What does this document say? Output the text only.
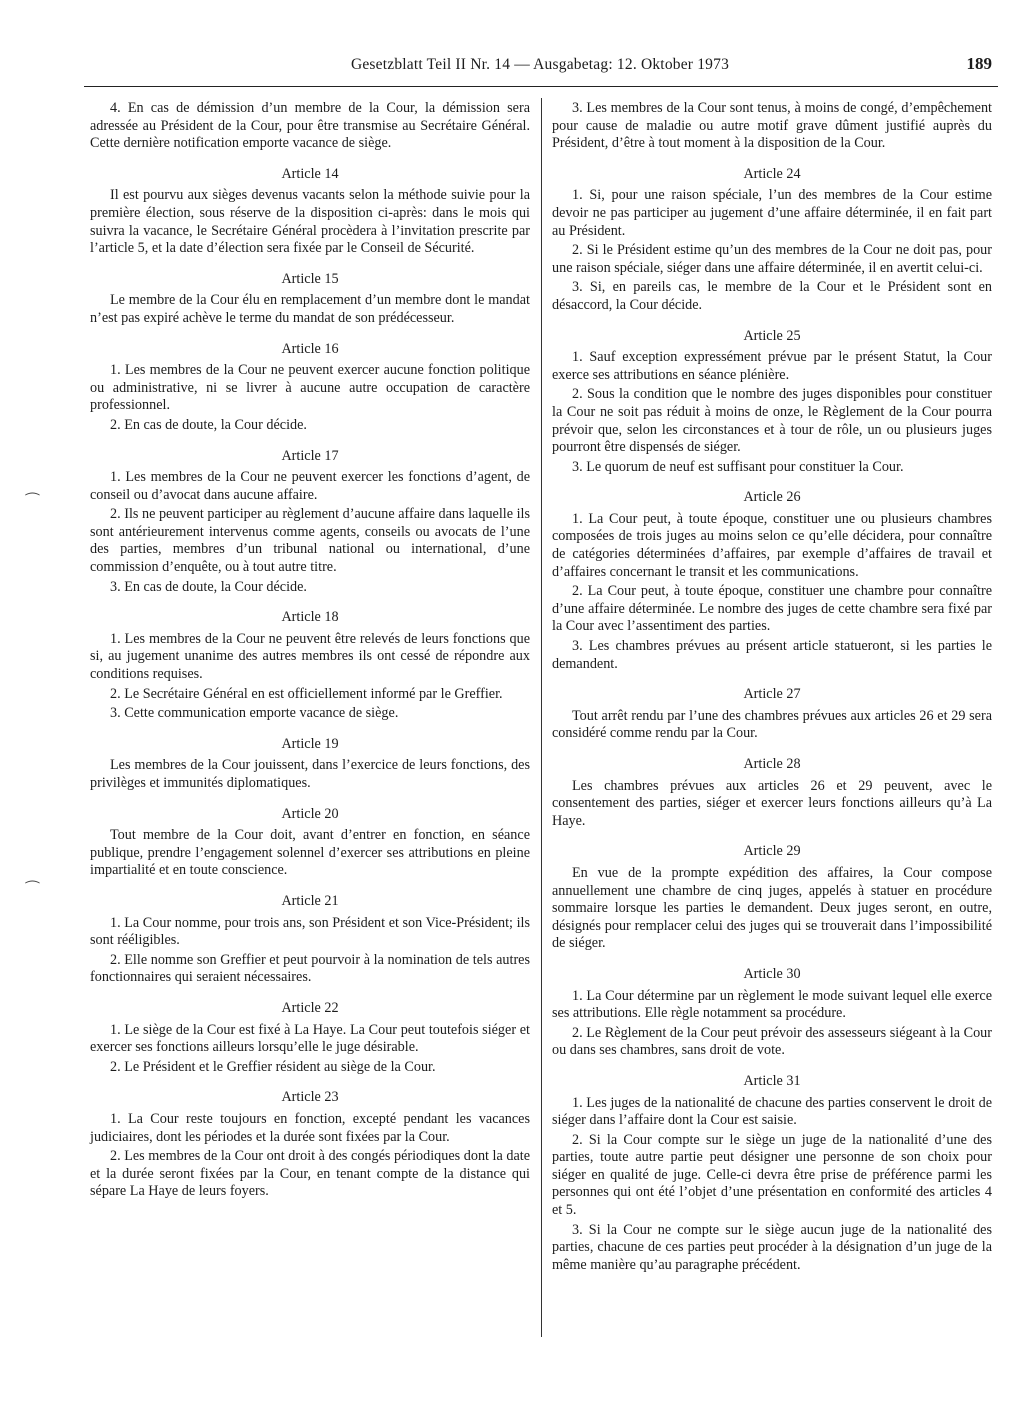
Gesetzblatt Teil II Nr. 14 — Ausgabetag: 12. Oktober 1973	189

4. En cas de démission d’un membre de la Cour, la démission sera adressée au Président de la Cour, pour être transmise au Secrétaire Général. Cette dernière notification emporte vacance de siège.

Article 14

Il est pourvu aux sièges devenus vacants selon la méthode suivie pour la première élection, sous réserve de la disposition ci-après: dans le mois qui suivra la vacance, le Secrétaire Général procèdera à l’invitation prescrite par l’article 5, et la date d’élection sera fixée par le Conseil de Sécurité.

Article 15

Le membre de la Cour élu en remplacement d’un membre dont le mandat n’est pas expiré achève le terme du mandat de son prédécesseur.

Article 16

1. Les membres de la Cour ne peuvent exercer aucune fonction politique ou administrative, ni se livrer à aucune autre occupation de caractère professionnel.

2. En cas de doute, la Cour décide.

Article 17

1. Les membres de la Cour ne peuvent exercer les fonctions d’agent, de conseil ou d’avocat dans aucune affaire.

2. Ils ne peuvent participer au règlement d’aucune affaire dans laquelle ils sont antérieurement intervenus comme agents, conseils ou avocats de l’une des parties, membres d’un tribunal national ou international, d’une commission d’enquête, ou à tout autre titre.

3. En cas de doute, la Cour décide.

Article 18

1. Les membres de la Cour ne peuvent être relevés de leurs fonctions que si, au jugement unanime des autres membres ils ont cessé de répondre aux conditions requises.

2. Le Secrétaire Général en est officiellement informé par le Greffier.

3. Cette communication emporte vacance de siège.

Article 19

Les membres de la Cour jouissent, dans l’exercice de leurs fonctions, des privilèges et immunités diplomatiques.

Article 20

Tout membre de la Cour doit, avant d’entrer en fonction, en séance publique, prendre l’engagement solennel d’exercer ses attributions en pleine impartialité et en toute conscience.

Article 21

1. La Cour nomme, pour trois ans, son Président et son Vice-Président; ils sont rééligibles.

2. Elle nomme son Greffier et peut pourvoir à la nomination de tels autres fonctionnaires qui seraient nécessaires.

Article 22

1. Le siège de la Cour est fixé à La Haye. La Cour peut toutefois siéger et exercer ses fonctions ailleurs lorsqu’elle le juge désirable.

2. Le Président et le Greffier résident au siège de la Cour.

Article 23

1. La Cour reste toujours en fonction, excepté pendant les vacances judiciaires, dont les périodes et la durée sont fixées par la Cour.

2. Les membres de la Cour ont droit à des congés périodiques dont la date et la durée seront fixées par la Cour, en tenant compte de la distance qui sépare La Haye de leurs foyers.

3. Les membres de la Cour sont tenus, à moins de congé, d’empêchement pour cause de maladie ou autre motif grave dûment justifié auprès du Président, d’être à tout moment à la disposition de la Cour.

Article 24

1. Si, pour une raison spéciale, l’un des membres de la Cour estime devoir ne pas participer au jugement d’une affaire déterminée, il en fait part au Président.

2. Si le Président estime qu’un des membres de la Cour ne doit pas, pour une raison spéciale, siéger dans une affaire déterminée, il en avertit celui-ci.

3. Si, en pareils cas, le membre de la Cour et le Président sont en désaccord, la Cour décide.

Article 25

1. Sauf exception expressément prévue par le présent Statut, la Cour exerce ses attributions en séance plénière.

2. Sous la condition que le nombre des juges disponibles pour constituer la Cour ne soit pas réduit à moins de onze, le Règlement de la Cour pourra prévoir que, selon les circonstances et à tour de rôle, un ou plusieurs juges pourront être dispensés de siéger.

3. Le quorum de neuf est suffisant pour constituer la Cour.

Article 26

1. La Cour peut, à toute époque, constituer une ou plusieurs chambres composées de trois juges au moins selon ce qu’elle décidera, pour connaître de catégories déterminées d’affaires, par exemple d’affaires de travail et d’affaires concernant le transit et les communications.

2. La Cour peut, à toute époque, constituer une chambre pour connaître d’une affaire déterminée. Le nombre des juges de cette chambre sera fixé par la Cour avec l’assentiment des parties.

3. Les chambres prévues au présent article statueront, si les parties le demandent.

Article 27

Tout arrêt rendu par l’une des chambres prévues aux articles 26 et 29 sera considéré comme rendu par la Cour.

Article 28

Les chambres prévues aux articles 26 et 29 peuvent, avec le consentement des parties, siéger et exercer leurs fonctions ailleurs qu’à La Haye.

Article 29

En vue de la prompte expédition des affaires, la Cour compose annuellement une chambre de cinq juges, appelés à statuer en procédure sommaire lorsque les parties le demandent. Deux juges seront, en outre, désignés pour remplacer celui des juges qui se trouverait dans l’impossibilité de siéger.

Article 30

1. La Cour détermine par un règlement le mode suivant lequel elle exerce ses attributions. Elle règle notamment sa procédure.

2. Le Règlement de la Cour peut prévoir des assesseurs siégeant à la Cour ou dans ses chambres, sans droit de vote.

Article 31

1. Les juges de la nationalité de chacune des parties conservent le droit de siéger dans l’affaire dont la Cour est saisie.

2. Si la Cour compte sur le siège un juge de la nationalité d’une des parties, toute autre partie peut désigner une personne de son choix pour siéger en qualité de juge. Celle-ci devra être prise de préférence parmi les personnes qui ont été l’objet d’une présentation en conformité des articles 4 et 5.

3. Si la Cour ne compte sur le siège aucun juge de la nationalité des parties, chacune de ces parties peut procéder à la désignation d’un juge de la même manière qu’au paragraphe précédent.

⁀
⁀
